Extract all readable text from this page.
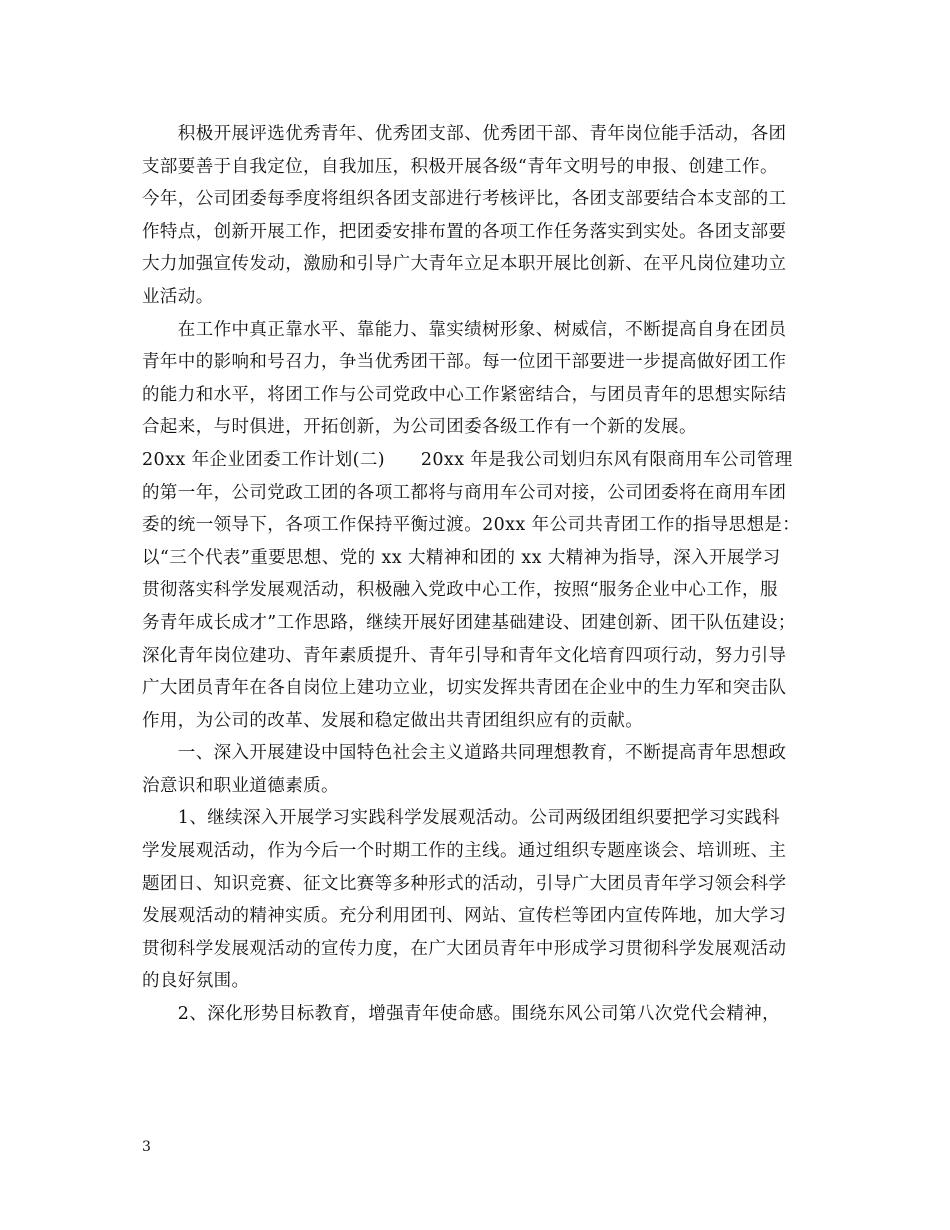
　　积极开展评选优秀青年、优秀团支部、优秀团干部、青年岗位能手活动，各团
支部要善于自我定位，自我加压，积极开展各级“青年文明号的申报、创建工作。
今年，公司团委每季度将组织各团支部进行考核评比，各团支部要结合本支部的工
作特点，创新开展工作，把团委安排布置的各项工作任务落实到实处。各团支部要
大力加强宣传发动，激励和引导广大青年立足本职开展比创新、在平凡岗位建功立
业活动。
　　在工作中真正靠水平、靠能力、靠实绩树形象、树威信，不断提高自身在团员
青年中的影响和号召力，争当优秀团干部。每一位团干部要进一步提高做好团工作
的能力和水平，将团工作与公司党政中心工作紧密结合，与团员青年的思想实际结
合起来，与时俱进，开拓创新，为公司团委各级工作有一个新的发展。
20xx 年企业团委工作计划(二)　　20xx 年是我公司划归东风有限商用车公司管理
的第一年，公司党政工团的各项工都将与商用车公司对接，公司团委将在商用车团
委的统一领导下，各项工作保持平衡过渡。20xx 年公司共青团工作的指导思想是：
以“三个代表”重要思想、党的 xx 大精神和团的 xx 大精神为指导，深入开展学习
贯彻落实科学发展观活动，积极融入党政中心工作，按照“服务企业中心工作，服
务青年成长成才”工作思路，继续开展好团建基础建设、团建创新、团干队伍建设；
深化青年岗位建功、青年素质提升、青年引导和青年文化培育四项行动，努力引导
广大团员青年在各自岗位上建功立业，切实发挥共青团在企业中的生力军和突击队
作用，为公司的改革、发展和稳定做出共青团组织应有的贡献。
　　一、深入开展建设中国特色社会主义道路共同理想教育，不断提高青年思想政
治意识和职业道德素质。
　　1、继续深入开展学习实践科学发展观活动。公司两级团组织要把学习实践科
学发展观活动，作为今后一个时期工作的主线。通过组织专题座谈会、培训班、主
题团日、知识竞赛、征文比赛等多种形式的活动，引导广大团员青年学习领会科学
发展观活动的精神实质。充分利用团刊、网站、宣传栏等团内宣传阵地，加大学习
贯彻科学发展观活动的宣传力度，在广大团员青年中形成学习贯彻科学发展观活动
的良好氛围。
　　2、深化形势目标教育，增强青年使命感。围绕东风公司第八次党代会精神，
3
